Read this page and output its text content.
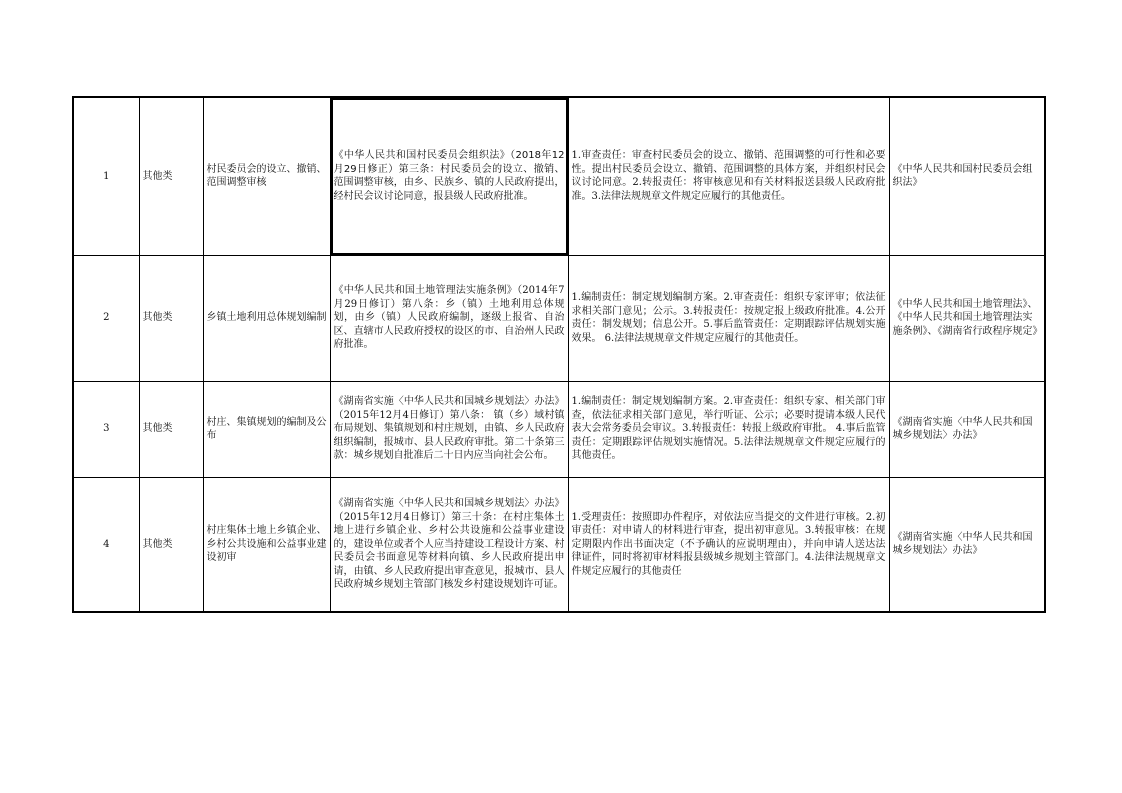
1	其他类	村民委员会的设立、撤销、范围调整审核	《中华人民共和国村民委员会组织法》（2018年12月29日修正）第三条：村民委员会的设立、撤销、范围调整审核，由乡、民族乡、镇的人民政府提出，经村民会议讨论同意，报县级人民政府批准。	1.审查责任：审查村民委员会的设立、撤销、范围调整的可行性和必要性。提出村民委员会设立、撤销、范围调整的具体方案，并组织村民会议讨论同意。2.转报责任：将审核意见和有关材料报送县级人民政府批准。3.法律法规规章文件规定应履行的其他责任。	《中华人民共和国村民委员会组织法》
2	其他类	乡镇土地利用总体规划编制	《中华人民共和国土地管理法实施条例》（2014年7月29日修订）第八条：乡（镇）土地利用总体规划，由乡（镇）人民政府编制，逐级上报省、自治区、直辖市人民政府授权的设区的市、自治州人民政府批准。	1.编制责任：制定规划编制方案。2.审查责任：组织专家评审；依法征求相关部门意见；公示。3.转报责任：按规定报上级政府批准。4.公开责任：制发规划；信息公开。5.事后监管责任：定期跟踪评估规划实施效果。 6.法律法规规章文件规定应履行的其他责任。	《中华人民共和国土地管理法》、《中华人民共和国土地管理法实施条例》、《湖南省行政程序规定》
3	其他类	村庄、集镇规划的编制及公布	《湖南省实施〈中华人民共和国城乡规划法〉办法》（2015年12月4日修订）第八条： 镇（乡）域村镇布局规划、集镇规划和村庄规划，由镇、乡人民政府组织编制，报城市、县人民政府审批。第二十条第三款：城乡规划自批准后二十日内应当向社会公布。	1.编制责任：制定规划编制方案。2.审查责任：组织专家、相关部门审查，依法征求相关部门意见，举行听证、公示；必要时提请本级人民代表大会常务委员会审议。3.转报责任：转报上级政府审批。 4.事后监管责任：定期跟踪评估规划实施情况。5.法律法规规章文件规定应履行的其他责任。	《湖南省实施〈中华人民共和国城乡规划法〉办法》
4	其他类	村庄集体土地上乡镇企业、乡村公共设施和公益事业建设初审	《湖南省实施〈中华人民共和国城乡规划法〉办法》（2015年12月4日修订）第三十条：在村庄集体土地上进行乡镇企业、乡村公共设施和公益事业建设的，建设单位或者个人应当持建设工程设计方案、村民委员会书面意见等材料向镇、乡人民政府提出申请，由镇、乡人民政府提出审查意见，报城市、县人民政府城乡规划主管部门核发乡村建设规划许可证。	1.受理责任：按照即办件程序，对依法应当提交的文件进行审核。2.初审责任：对申请人的材料进行审查，提出初审意见。3.转报审核：在规定期限内作出书面决定（不予确认的应说明理由），并向申请人送达法律证件，同时将初审材料报县级城乡规划主管部门。4.法律法规规章文件规定应履行的其他责任	《湖南省实施〈中华人民共和国城乡规划法〉办法》
